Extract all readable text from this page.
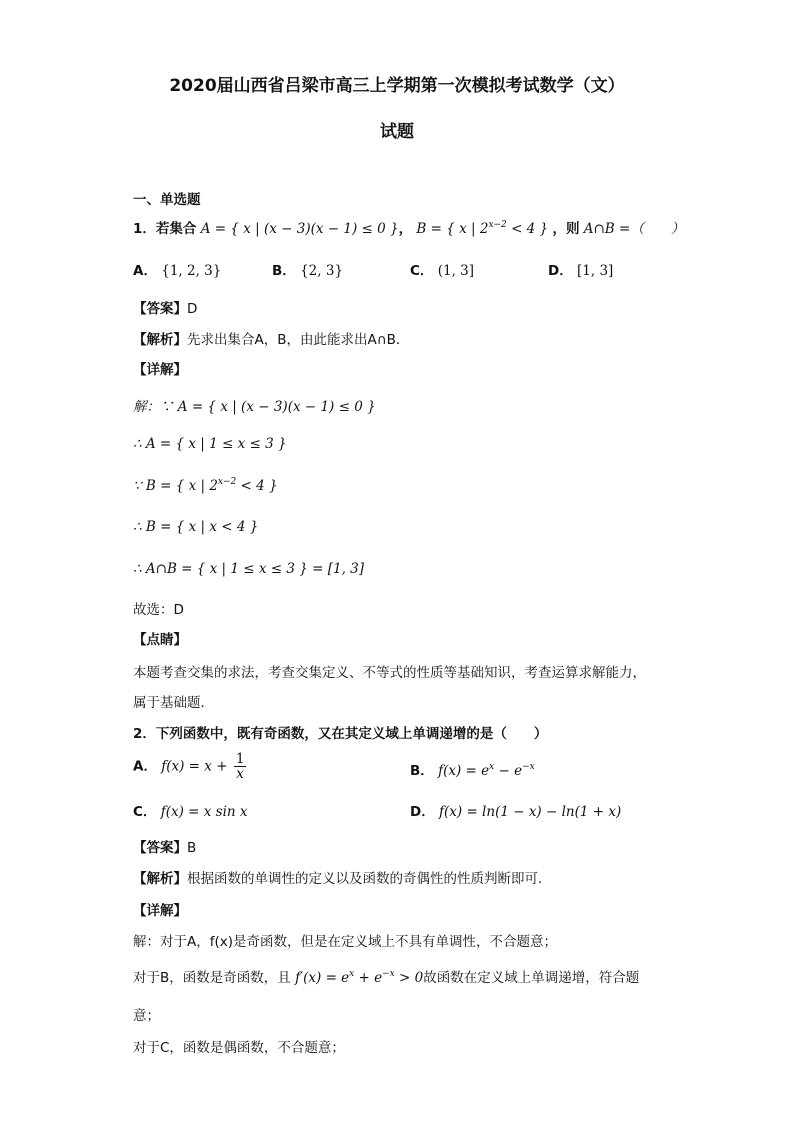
2020届山西省吕梁市高三上学期第一次模拟考试数学（文）
试题
一、单选题
1．若集合 A = { x | (x − 3)(x − 1) ≤ 0 }， B = { x | $2^{x-2} < 4$ } ，则 A∩B =（　　）
A． {1, 2, 3}	B． {2, 3}	C． (1, 3]	D． [1, 3]
【答案】D
【解析】先求出集合A，B，由此能求出A∩B．
【详解】
解：∵ A = { x | (x − 3)(x − 1) ≤ 0 }
∴ A = { x | 1 ≤ x ≤ 3 }
∵ B = { x | $2^{x-2} < 4$ }
∴ B = { x | x < 4 }
∴ A∩B = { x | 1 ≤ x ≤ 3 } = [1, 3]
故选：D
【点睛】
本题考查交集的求法，考查交集定义、不等式的性质等基础知识，考查运算求解能力，
属于基础题．
2．下列函数中，既有奇函数，又在其定义域上单调递增的是（　　）
A． $f(x) = x + \frac{1}{x}$	B． $f(x) = e^x - e^{-x}$
C． f(x) = x sin x	D． f(x) = ln(1 − x) − ln(1 + x)
【答案】B
【解析】根据函数的单调性的定义以及函数的奇偶性的性质判断即可．
【详解】
解：对于A，f(x)是奇函数，但是在定义域上不具有单调性，不合题意；
对于B，函数是奇函数，且 $f'(x) = e^x + e^{-x} > 0$故函数在定义域上单调递增，符合题
意；
对于C，函数是偶函数，不合题意；
